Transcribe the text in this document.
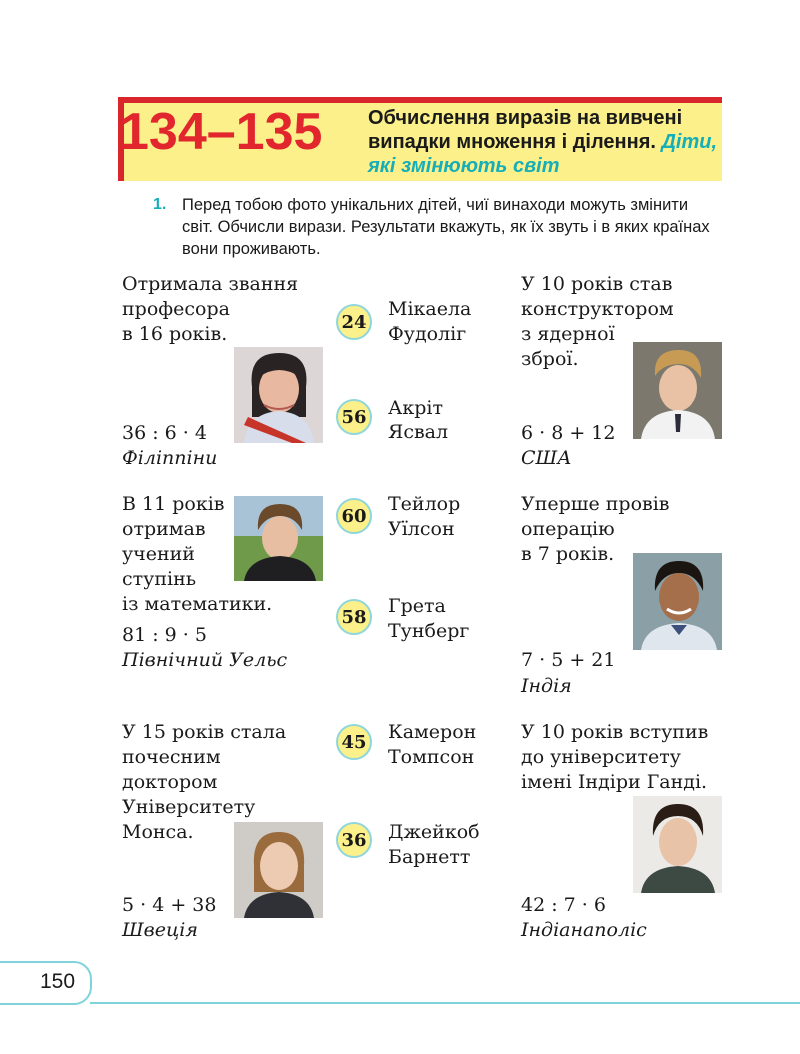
134–135 Обчислення виразів на вивчені випадки множення і ділення. Діти, які змінюють світ
1. Перед тобою фото унікальних дітей, чиї винаходи можуть змінити світ. Обчисли вирази. Результати вкажуть, як їх звуть і в яких країнах вони проживають.
Отримала звання
професора
в 16 років.
36 : 6 · 4
Філіппіни
У 10 років став
конструктором
з ядерної
зброї.
6 · 8 + 12
США
В 11 років
отримав
учений
ступінь
із математики.
81 : 9 · 5
Північний Уельс
Уперше провів
операцію
в 7 років.
7 · 5 + 21
Індія
У 15 років стала
почесним
доктором
Університету
Монса.
5 · 4 + 38
Швеція
У 10 років вступив
до університету
імені Індіри Ганді.
42 : 7 · 6
Індіанаполіс
24
Мікаела
Фудоліг
56 Акріт
Ясвал
60
Тейлор
Уїлсон
58
Грета
Тунберг
45 Камерон
Томпсон
36 Джейкоб
Барнетт
150
